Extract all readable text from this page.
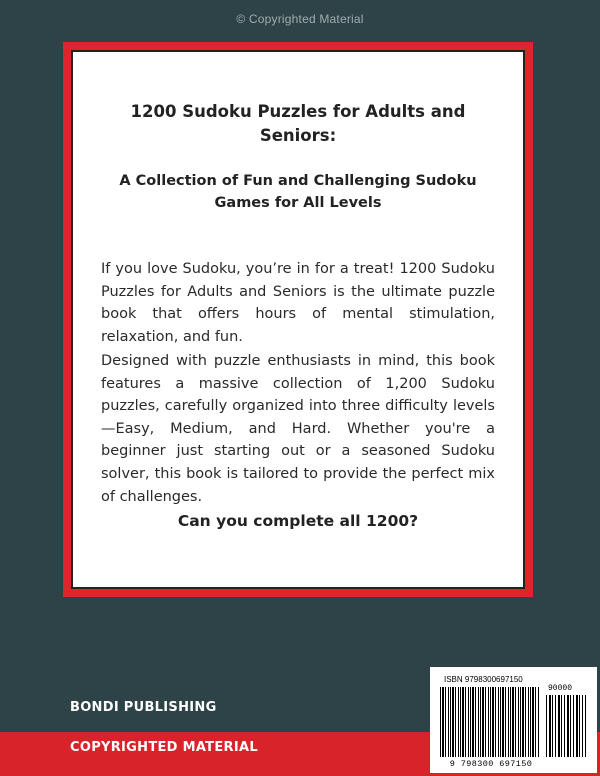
© Copyrighted Material
1200 Sudoku Puzzles for Adults and Seniors:
A Collection of Fun and Challenging Sudoku Games for All Levels
If you love Sudoku, you’re in for a treat! 1200 Sudoku Puzzles for Adults and Seniors is the ultimate puzzle book that offers hours of mental stimulation, relaxation, and fun.
Designed with puzzle enthusiasts in mind, this book features a massive collection of 1,200 Sudoku puzzles, carefully organized into three difficulty levels—Easy, Medium, and Hard. Whether you're a beginner just starting out or a seasoned Sudoku solver, this book is tailored to provide the perfect mix of challenges.
Can you complete all 1200?
BONDI PUBLISHING
COPYRIGHTED MATERIAL
ISBN 9798300697150
90000
9 798300 697150
